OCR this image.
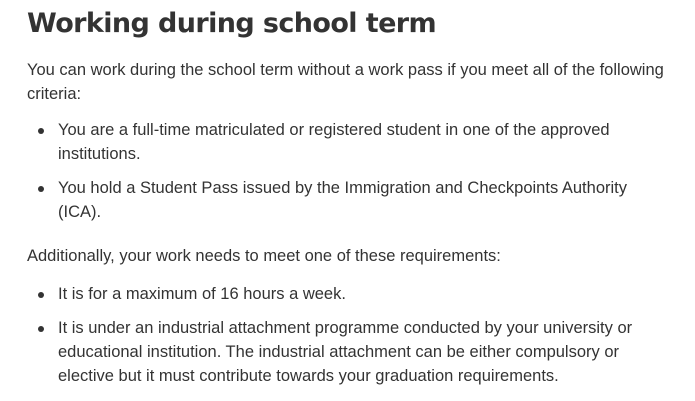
Working during school term

You can work during the school term without a work pass if you meet all of the following criteria:

You are a full-time matriculated or registered student in one of the approved institutions.
You hold a Student Pass issued by the Immigration and Checkpoints Authority (ICA).

Additionally, your work needs to meet one of these requirements:

It is for a maximum of 16 hours a week.
It is under an industrial attachment programme conducted by your university or educational institution. The industrial attachment can be either compulsory or elective but it must contribute towards your graduation requirements.
